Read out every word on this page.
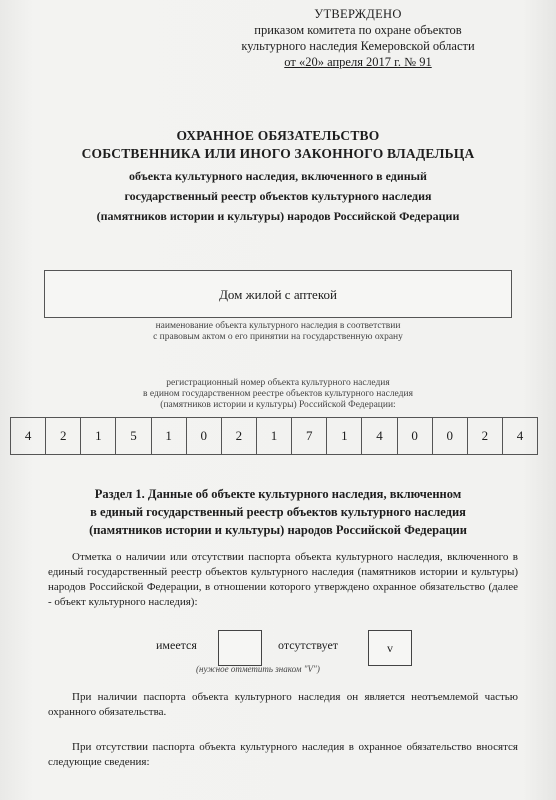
УТВЕРЖДЕНО
приказом комитета по охране объектов
культурного наследия Кемеровской области
от «20» апреля 2017 г. № 91
ОХРАННОЕ ОБЯЗАТЕЛЬСТВО
СОБСТВЕННИКА ИЛИ ИНОГО ЗАКОННОГО ВЛАДЕЛЬЦА
объекта культурного наследия, включенного в единый
государственный реестр объектов культурного наследия
(памятников истории и культуры) народов Российской Федерации
Дом жилой с аптекой
наименование объекта культурного наследия в соответствии
с правовым актом о его принятии на государственную охрану
регистрационный номер объекта культурного наследия
в едином государственном реестре объектов культурного наследия
(памятников истории и культуры) Российской Федерации:
4	2	1	5	1	0	2	1	7	1	4	0	0	2	4
Раздел 1. Данные об объекте культурного наследия, включенном
в единый государственный реестр объектов культурного наследия
(памятников истории и культуры) народов Российской Федерации
Отметка о наличии или отсутствии паспорта объекта культурного наследия, включенного в единый государственный реестр объектов культурного наследия (памятников истории и культуры) народов Российской Федерации, в отношении которого утверждено охранное обязательство (далее - объект культурного наследия):
имеется	отсутствует	v
(нужное отметить знаком "V")
При наличии паспорта объекта культурного наследия он является неотъемлемой частью охранного обязательства.
При отсутствии паспорта объекта культурного наследия в охранное обязательство вносятся следующие сведения:
